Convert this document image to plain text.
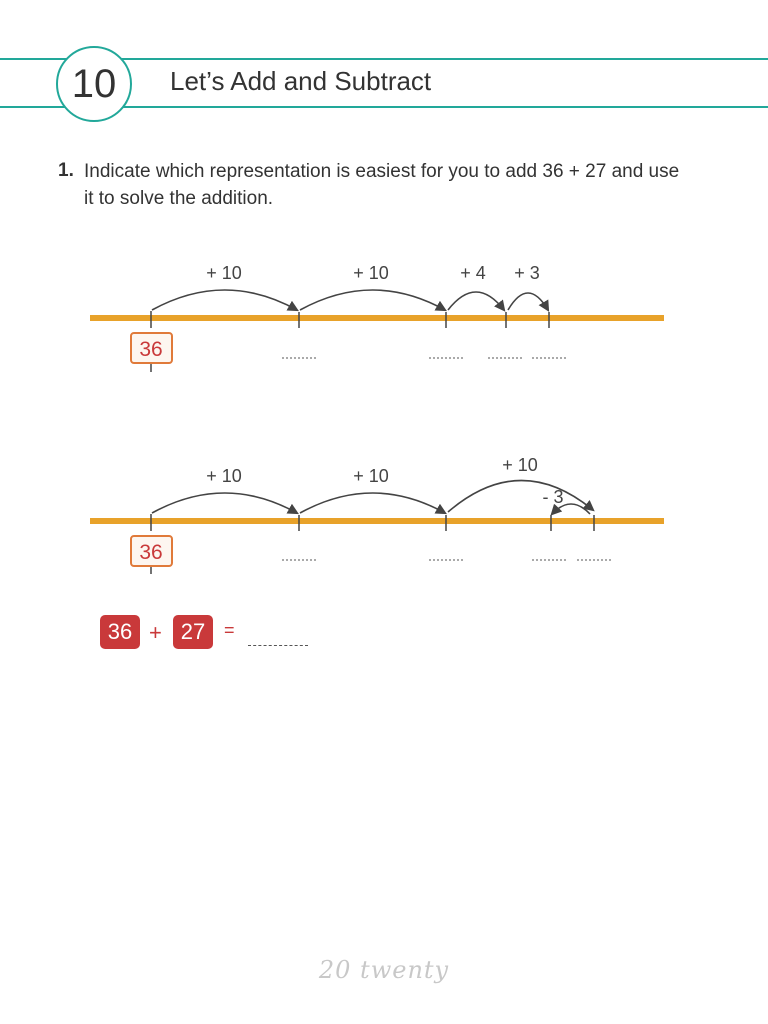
10 Let’s Add and Subtract
1. Indicate which representation is easiest for you to add 36 + 27 and use it to solve the addition.
+ 10	+ 10	+ 4 + 3
36
+ 10	+ 10
+ 10
- 3
36
36 + 27 =
20 twenty
